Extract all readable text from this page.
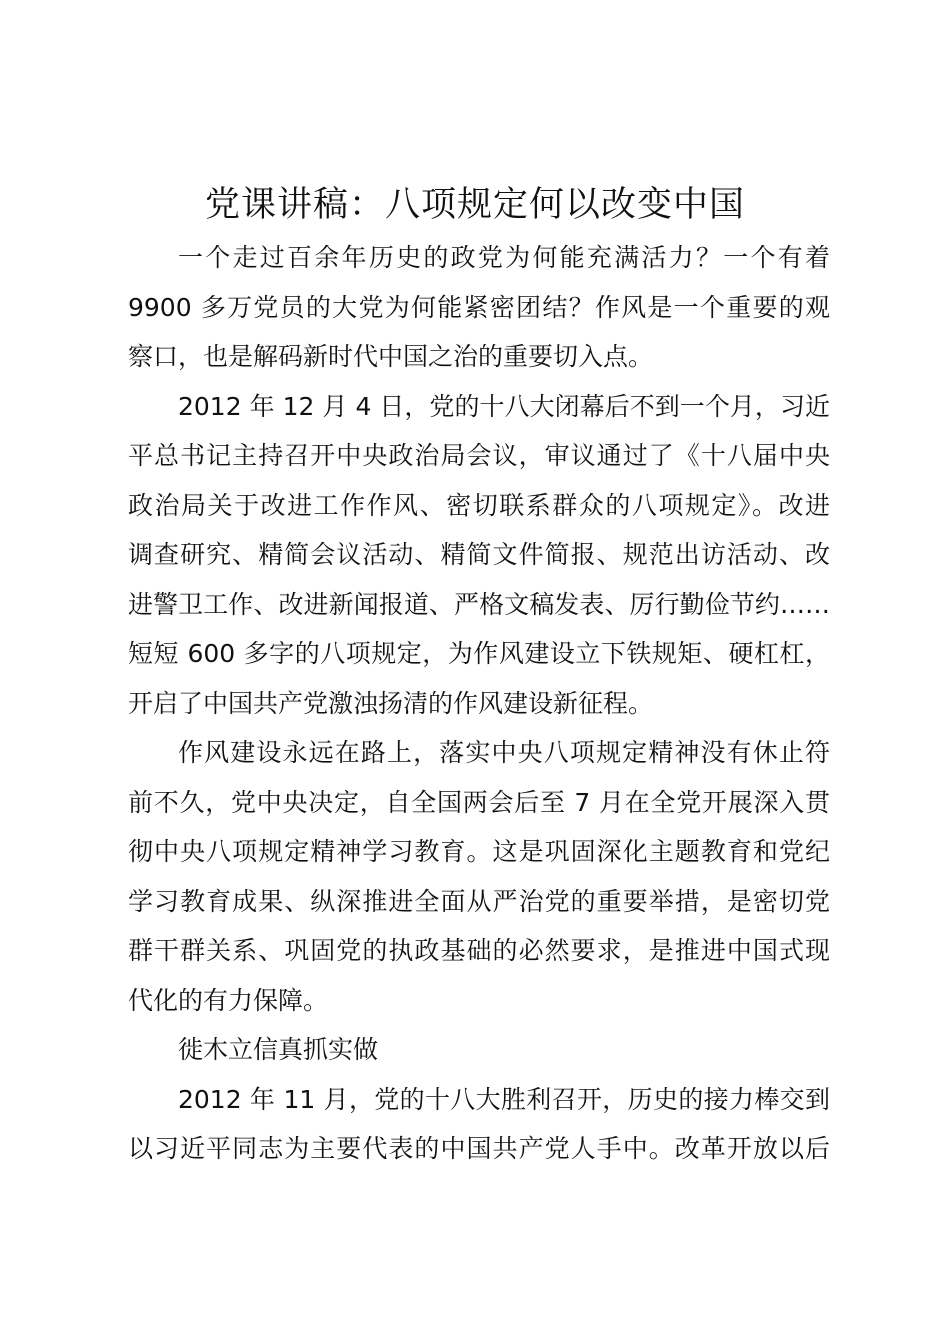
党课讲稿：八项规定何以改变中国

一个走过百余年历史的政党为何能充满活力？一个有着
9900 多万党员的大党为何能紧密团结？作风是一个重要的观
察口，也是解码新时代中国之治的重要切入点。

2012 年 12 月 4 日，党的十八大闭幕后不到一个月，习近
平总书记主持召开中央政治局会议，审议通过了《十八届中央
政治局关于改进工作作风、密切联系群众的八项规定》。改进
调查研究、精简会议活动、精简文件简报、规范出访活动、改
进警卫工作、改进新闻报道、严格文稿发表、厉行勤俭节约……
短短 600 多字的八项规定，为作风建设立下铁规矩、硬杠杠，
开启了中国共产党激浊扬清的作风建设新征程。

作风建设永远在路上，落实中央八项规定精神没有休止符
前不久，党中央决定，自全国两会后至 7 月在全党开展深入贯
彻中央八项规定精神学习教育。这是巩固深化主题教育和党纪
学习教育成果、纵深推进全面从严治党的重要举措，是密切党
群干群关系、巩固党的执政基础的必然要求，是推进中国式现
代化的有力保障。

徙木立信真抓实做

2012 年 11 月，党的十八大胜利召开，历史的接力棒交到
以习近平同志为主要代表的中国共产党人手中。改革开放以后
